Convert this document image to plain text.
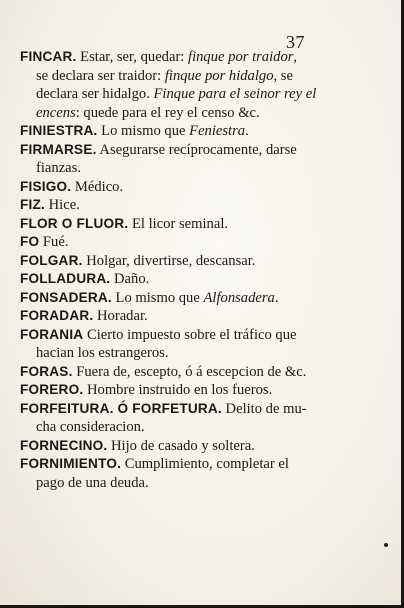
37
FINCAR. Estar, ser, quedar: finque por traidor,
se declara ser traidor: finque por hidalgo, se
declara ser hidalgo. Finque para el seinor rey el
encens: quede para el rey el censo &c.
FINIESTRA. Lo mismo que Feniestra.
FIRMARSE. Asegurarse recíprocamente, darse
fianzas.
FISIGO. Médico.
FIZ. Hice.
FLOR O FLUOR. El licor seminal.
FO Fué.
FOLGAR. Holgar, divertirse, descansar.
FOLLADURA. Daño.
FONSADERA. Lo mismo que Alfonsadera.
FORADAR. Horadar.
FORANIA Cierto impuesto sobre el tráfico que
hacian los estrangeros.
FORAS. Fuera de, escepto, ó á escepcion de &c.
FORERO. Hombre instruido en los fueros.
FORFEITURA. Ó FORFETURA. Delito de mu-
cha consideracion.
FORNECINO. Hijo de casado y soltera.
FORNIMIENTO. Cumplimiento, completar el
pago de una deuda.
